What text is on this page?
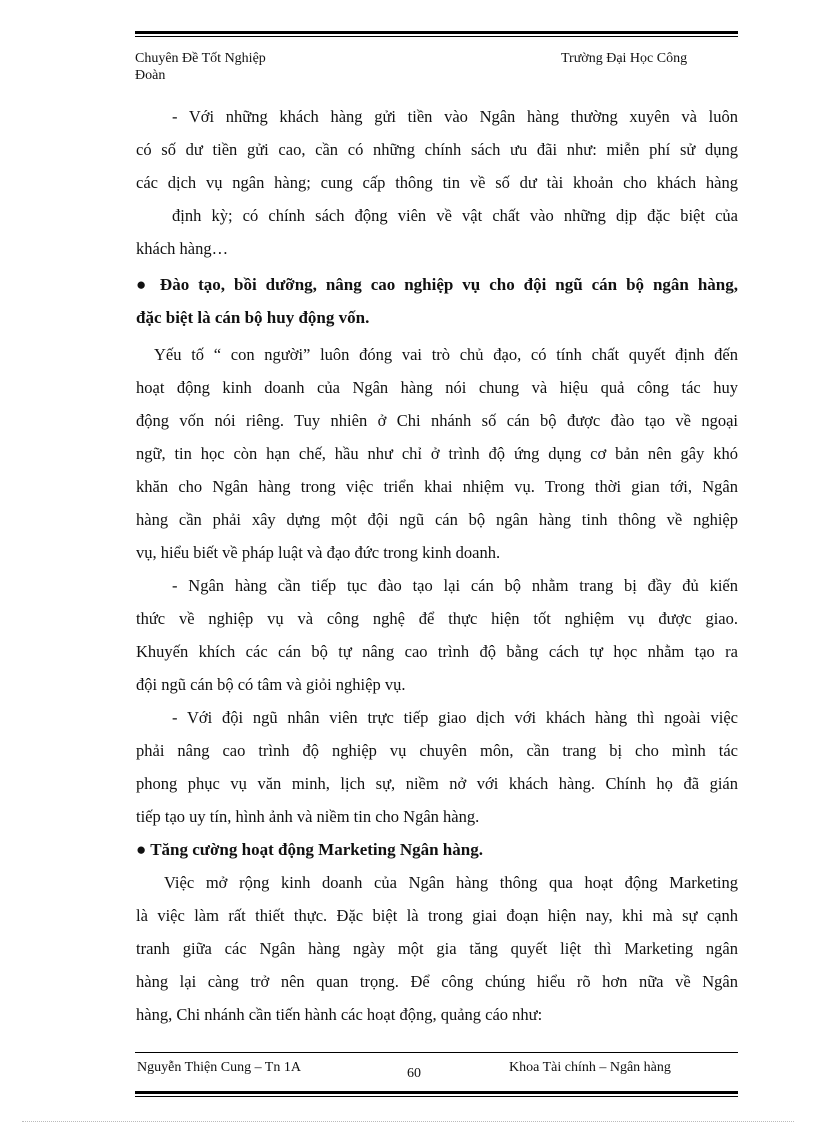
Chuyên Đề Tốt Nghiệp
Đoàn
Trường Đại Học Công
- Với những khách hàng gửi tiền vào Ngân hàng thường xuyên và luôn
có số dư tiền gửi cao, cần có những chính sách ưu đãi như: miễn phí sử dụng
các dịch vụ ngân hàng; cung cấp thông tin về số dư tài khoản cho khách hàng
định kỳ; có chính sách động viên về vật chất vào những dịp đặc biệt của
khách hàng…
● Đào tạo, bồi dưỡng, nâng cao nghiệp vụ cho đội ngũ cán bộ ngân hàng,
đặc biệt là cán bộ huy động vốn.
Yếu tố “ con người” luôn đóng vai trò chủ đạo, có tính chất quyết định đến
hoạt động kinh doanh của Ngân hàng nói chung và hiệu quả công tác huy
động vốn nói riêng. Tuy nhiên ở Chi nhánh số cán bộ được đào tạo về ngoại
ngữ, tin học còn hạn chế, hầu như chỉ ở trình độ ứng dụng cơ bản nên gây khó
khăn cho Ngân hàng trong việc triển khai nhiệm vụ. Trong thời gian tới, Ngân
hàng cần phải xây dựng một đội ngũ cán bộ ngân hàng tinh thông về nghiệp
vụ, hiểu biết về pháp luật và đạo đức trong kinh doanh.
- Ngân hàng cần tiếp tục đào tạo lại cán bộ nhằm trang bị đầy đủ kiến
thức về nghiệp vụ và công nghệ để thực hiện tốt nghiệm vụ được giao.
Khuyến khích các cán bộ tự nâng cao trình độ bằng cách tự học nhằm tạo ra
đội ngũ cán bộ có tâm và giỏi nghiệp vụ.
- Với đội ngũ nhân viên trực tiếp giao dịch với khách hàng thì ngoài việc
phải nâng cao trình độ nghiệp vụ chuyên môn, cần trang bị cho mình tác
phong phục vụ văn minh, lịch sự, niềm nở với khách hàng. Chính họ đã gián
tiếp tạo uy tín, hình ảnh và niềm tin cho Ngân hàng.
● Tăng cường hoạt động Marketing Ngân hàng.
Việc mở rộng kinh doanh của Ngân hàng thông qua hoạt động Marketing
là việc làm rất thiết thực. Đặc biệt là trong giai đoạn hiện nay, khi mà sự cạnh
tranh giữa các Ngân hàng ngày một gia tăng quyết liệt thì Marketing ngân
hàng lại càng trở nên quan trọng. Để công chúng hiểu rõ hơn nữa về Ngân
hàng, Chi nhánh cần tiến hành các hoạt động, quảng cáo như:
Nguyễn Thiện Cung – Tn 1A	60	Khoa Tài chính – Ngân hàng
